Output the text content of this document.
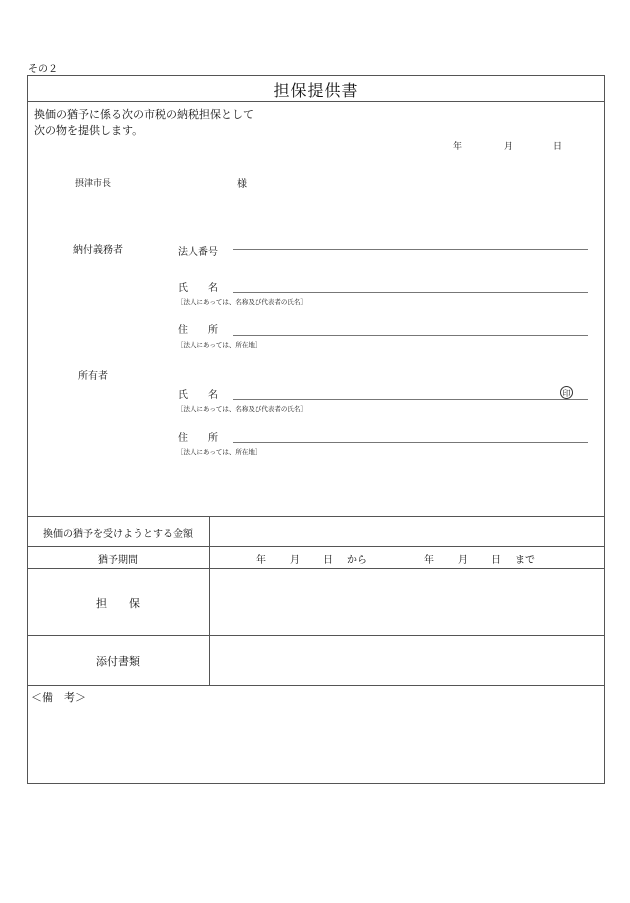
その２
担保提供書
換価の猶予に係る次の市税の納税担保として
次の物を提供します。
年	月	日
摂津市長	様
納付義務者	法人番号
氏　　名
［法人にあっては、名称及び代表者の氏名］
住　　所
［法人にあっては、所在地］
所有者
氏　　名	印
［法人にあっては、名称及び代表者の氏名］
住　　所
［法人にあっては、所在地］
換価の猶予を受けようとする金額
猶予期間	年 月 日 から	年 月 日 まで
担　　保
添付書類
＜備　考＞
